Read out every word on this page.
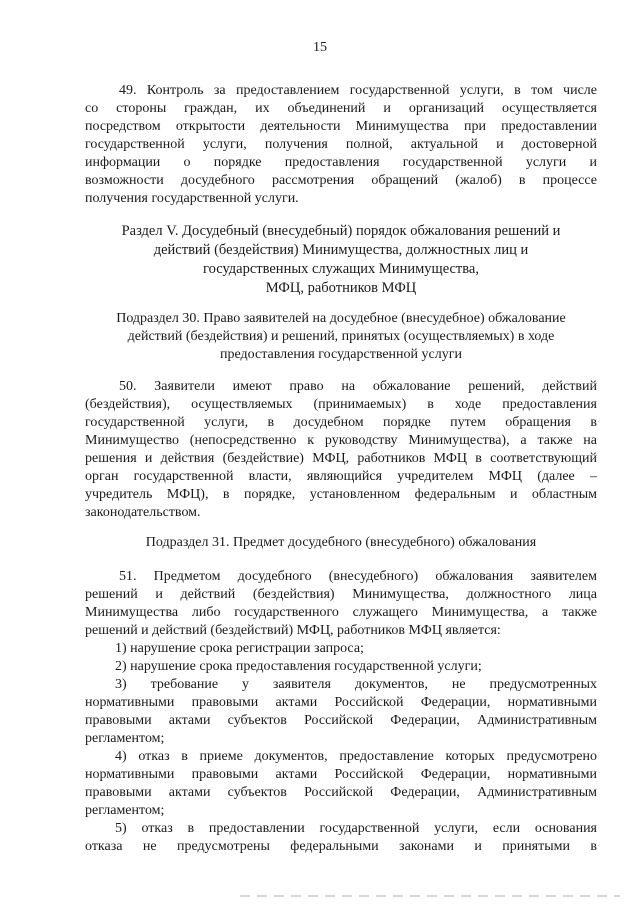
15

49. Контроль за предоставлением государственной услуги, в том числе

со стороны граждан, их объединений и организаций осуществляется

посредством открытости деятельности Минимущества при предоставлении

государственной услуги, получения полной, актуальной и достоверной

информации о порядке предоставления государственной услуги и

возможности досудебного рассмотрения обращений (жалоб) в процессе

получения государственной услуги.

Раздел V. Досудебный (внесудебный) порядок обжалования решений и

действий (бездействия) Минимущества, должностных лиц и

государственных служащих Минимущества,

МФЦ, работников МФЦ

Подраздел 30. Право заявителей на досудебное (внесудебное) обжалование

действий (бездействия) и решений, принятых (осуществляемых) в ходе

предоставления государственной услуги

50. Заявители имеют право на обжалование решений, действий

(бездействия), осуществляемых (принимаемых) в ходе предоставления

государственной услуги, в досудебном порядке путем обращения в

Минимущество (непосредственно к руководству Минимущества), а также на

решения и действия (бездействие) МФЦ, работников МФЦ в соответствующий

орган государственной власти, являющийся учредителем МФЦ (далее –

учредитель МФЦ), в порядке, установленном федеральным и областным

законодательством.

Подраздел 31. Предмет досудебного (внесудебного) обжалования

51. Предметом досудебного (внесудебного) обжалования заявителем

решений и действий (бездействия) Минимущества, должностного лица

Минимущества либо государственного служащего Минимущества, а также

решений и действий (бездействий) МФЦ, работников МФЦ является:

1) нарушение срока регистрации запроса;

2) нарушение срока предоставления государственной услуги;

3) требование у заявителя документов, не предусмотренных

нормативными правовыми актами Российской Федерации, нормативными

правовыми актами субъектов Российской Федерации, Административным

регламентом;

4) отказ в приеме документов, предоставление которых предусмотрено

нормативными правовыми актами Российской Федерации, нормативными

правовыми актами субъектов Российской Федерации, Административным

регламентом;

5) отказ в предоставлении государственной услуги, если основания

отказа не предусмотрены федеральными законами и принятыми в
